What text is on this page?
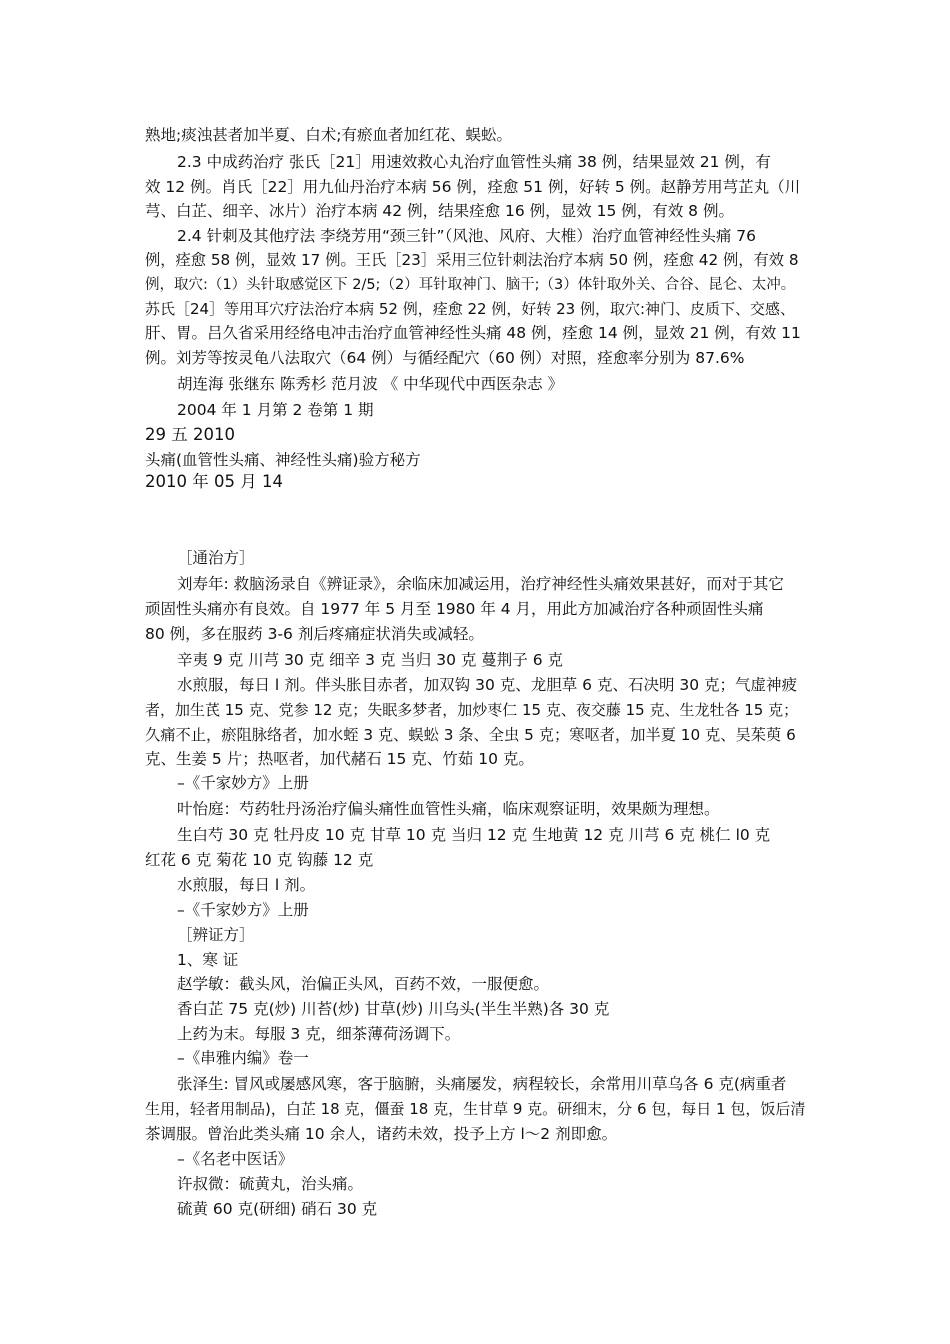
熟地;痰浊甚者加半夏、白术;有瘀血者加红花、蜈蚣。
2.3 中成药治疗 张氏［21］用速效救心丸治疗血管性头痛 38 例，结果显效 21 例，有
效 12 例。肖氏［22］用九仙丹治疗本病 56 例，痊愈 51 例，好转 5 例。赵静芳用芎芷丸（川
芎、白芷、细辛、冰片）治疗本病 42 例，结果痊愈 16 例，显效 15 例，有效 8 例。
2.4 针刺及其他疗法 李绕芳用“颈三针”（风池、风府、大椎）治疗血管神经性头痛 76
例，痊愈 58 例，显效 17 例。王氏［23］采用三位针刺法治疗本病 50 例，痊愈 42 例，有效 8
例，取穴:（1）头针取感觉区下 2/5;（2）耳针取神门、脑干;（3）体针取外关、合谷、昆仑、太冲。
苏氏［24］等用耳穴疗法治疗本病 52 例，痊愈 22 例，好转 23 例，取穴:神门、皮质下、交感、
肝、胃。吕久省采用经络电冲击治疗血管神经性头痛 48 例，痊愈 14 例，显效 21 例，有效 11
例。刘芳等按灵龟八法取穴（64 例）与循经配穴（60 例）对照，痊愈率分别为 87.6%
胡连海 张继东 陈秀杉 范月波 《 中华现代中西医杂志 》
2004 年 1 月第 2 卷第 1 期
29 五 2010
头痛(血管性头痛、神经性头痛)验方秘方
2010 年 05 月 14
［通治方］
刘寿年: 救脑汤录自《辨证录》，余临床加减运用，治疗神经性头痛效果甚好，而对于其它
顽固性头痛亦有良效。自 1977 年 5 月至 1980 年 4 月，用此方加减治疗各种顽固性头痛
80 例，多在服药 3-6 剂后疼痛症状消失或减轻。
辛夷 9 克 川芎 30 克 细辛 3 克 当归 30 克 蔓荆子 6 克
水煎服，每日 l 剂。伴头胀目赤者，加双钩 30 克、龙胆草 6 克、石决明 30 克；气虚神疲
者，加生芪 15 克、党参 12 克；失眠多梦者，加炒枣仁 15 克、夜交藤 15 克、生龙牡各 15 克；
久痛不止，瘀阻脉络者，加水蛭 3 克、蜈蚣 3 条、全虫 5 克；寒呕者，加半夏 10 克、吴茱萸 6
克、生姜 5 片；热呕者，加代赭石 15 克、竹茹 10 克。
–《千家妙方》上册
叶怡庭：芍药牡丹汤治疗偏头痛性血管性头痛，临床观察证明，效果颇为理想。
生白芍 30 克 牡丹皮 10 克 甘草 10 克 当归 12 克 生地黄 12 克 川芎 6 克 桃仁 l0 克
红花 6 克 菊花 10 克 钩藤 12 克
水煎服，每日 l 剂。
–《千家妙方》上册
［辨证方］
1、寒 证
赵学敏：截头风，治偏正头风，百药不效，一服便愈。
香白芷 75 克(炒) 川苔(炒) 甘草(炒) 川乌头(半生半熟)各 30 克
上药为末。每服 3 克，细茶薄荷汤调下。
–《串雅内编》卷一
张泽生: 冒风或屡感风寒，客于脑腑，头痛屡发，病程较长，余常用川草乌各 6 克(病重者
生用，轻者用制品)，白芷 18 克，僵蚕 18 克，生甘草 9 克。研细末，分 6 包，每日 1 包，饭后清
茶调服。曾治此类头痛 10 余人，诸药未效，投予上方 l～2 剂即愈。
–《名老中医话》
许叔微：硫黄丸，治头痛。
硫黄 60 克(研细) 硝石 30 克
